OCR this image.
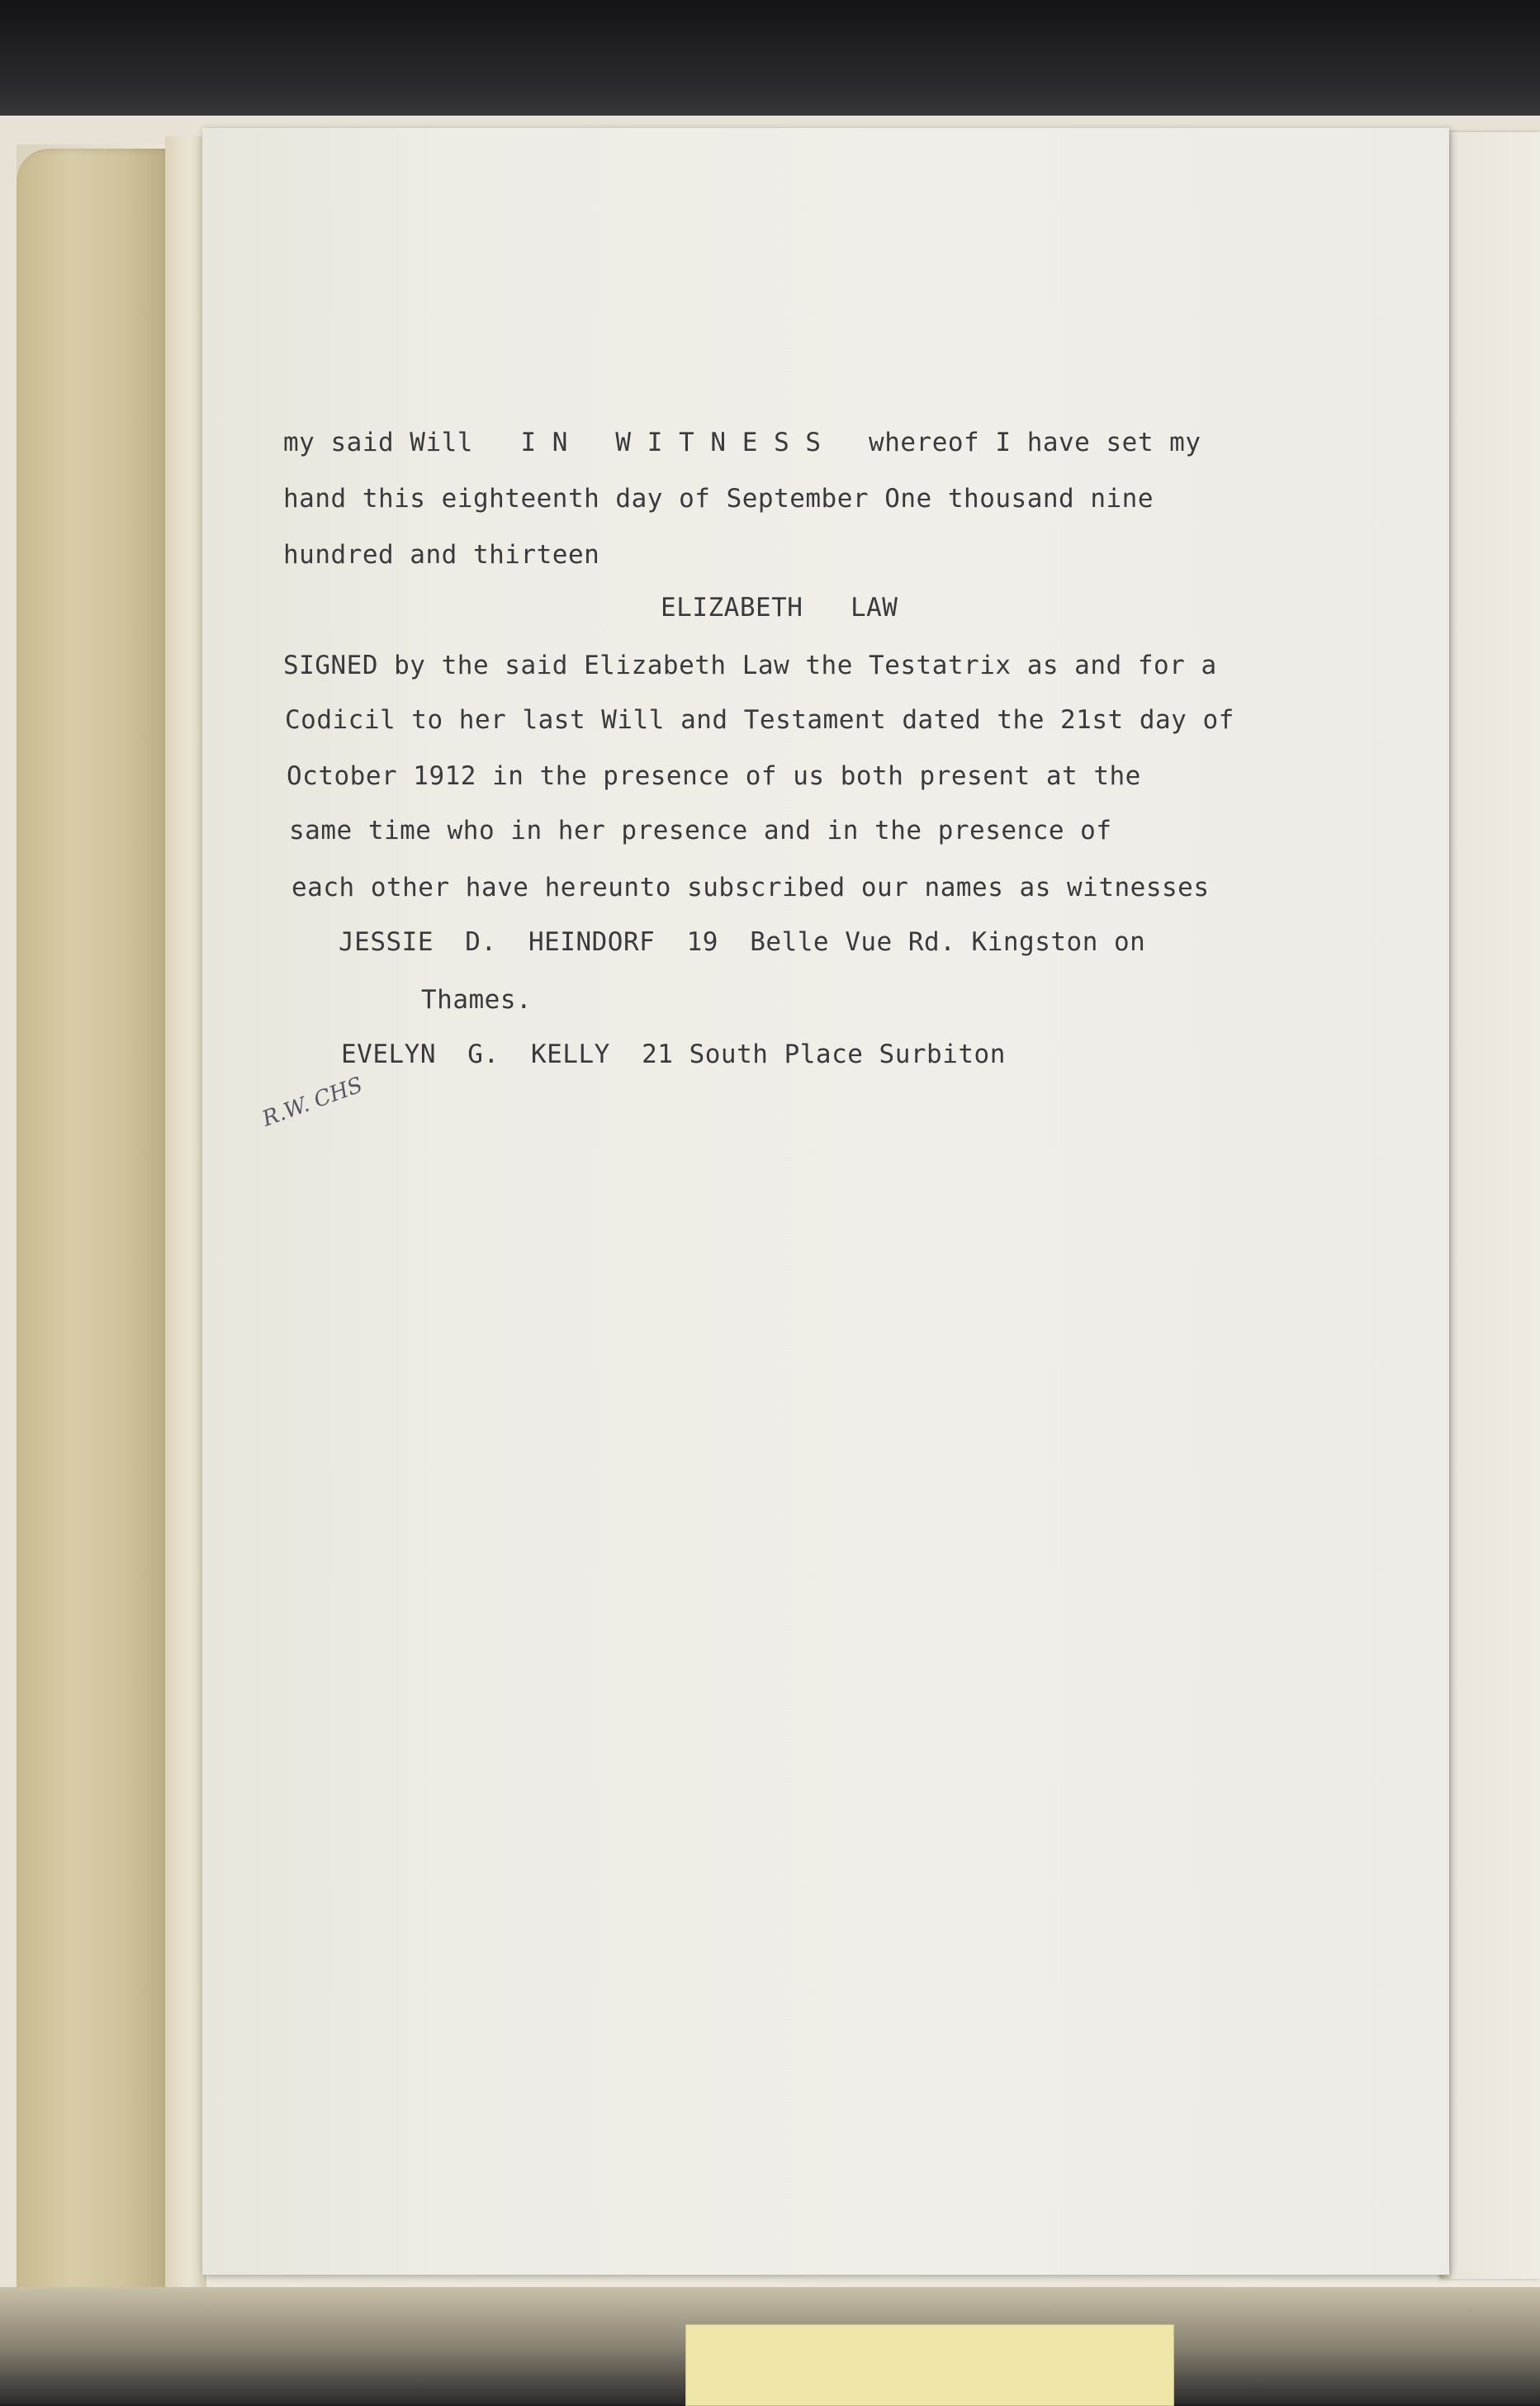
my said Will   I N   W I T N E S S   whereof I have set my
hand this eighteenth day of September One thousand nine
hundred and thirteen
ELIZABETH   LAW
SIGNED by the said Elizabeth Law the Testatrix as and for a
Codicil to her last Will and Testament dated the 21st day of
October 1912 in the presence of us both present at the
same time who in her presence and in the presence of
each other have hereunto subscribed our names as witnesses
JESSIE  D.  HEINDORF  19  Belle Vue Rd. Kingston on
Thames.
EVELYN  G.  KELLY  21 South Place Surbiton
R.W. CHS
